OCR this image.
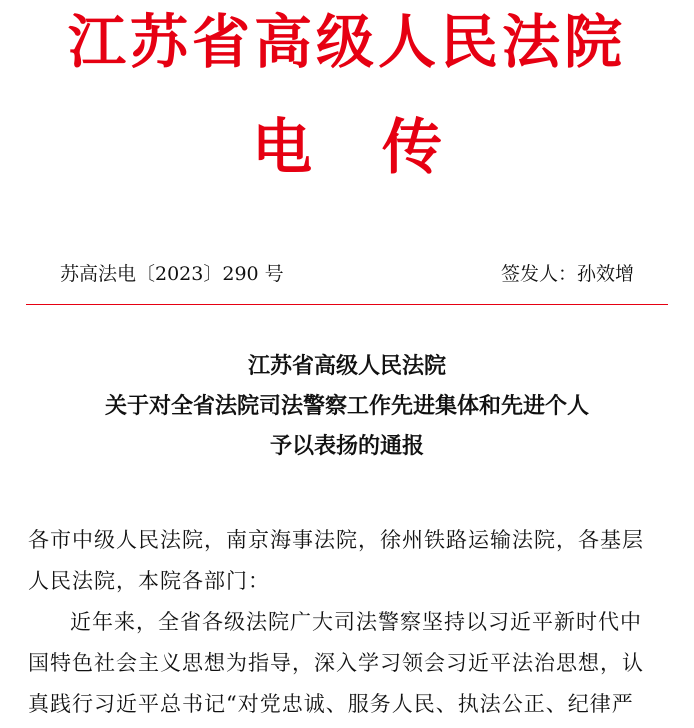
江苏省高级人民法院
电 传
苏高法电〔2023〕290 号	签发人：孙效增
江苏省高级人民法院
关于对全省法院司法警察工作先进集体和先进个人
予以表扬的通报

各市中级人民法院，南京海事法院，徐州铁路运输法院，各基层

人民法院，本院各部门：

近年来，全省各级法院广大司法警察坚持以习近平新时代中

国特色社会主义思想为指导，深入学习领会习近平法治思想，认

真践行习近平总书记“对党忠诚、服务人民、执法公正、纪律严
